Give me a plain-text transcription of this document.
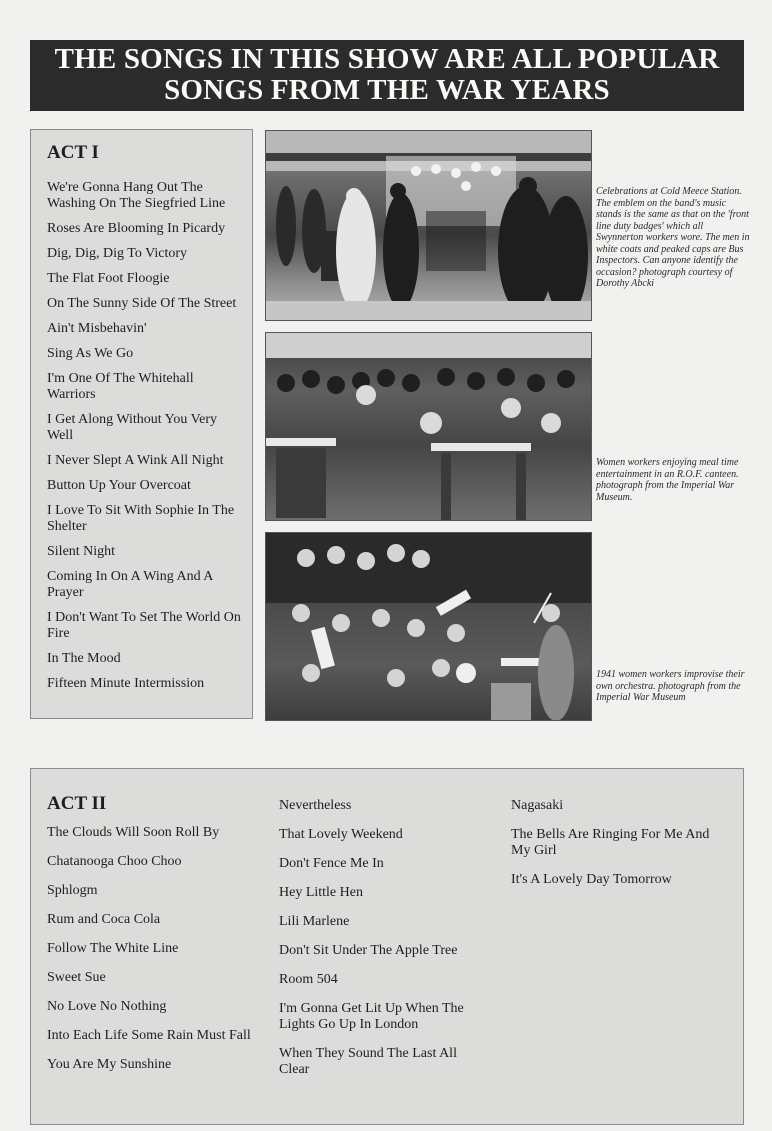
THE SONGS IN THIS SHOW ARE ALL POPULAR
SONGS FROM THE WAR YEARS
ACT I
We're Gonna Hang Out The Washing On The Siegfried Line
Roses Are Blooming In Picardy
Dig, Dig, Dig To Victory
The Flat Foot Floogie
On The Sunny Side Of The Street
Ain't Misbehavin'
Sing As We Go
I'm One Of The Whitehall Warriors
I Get Along Without You Very Well
I Never Slept A Wink All Night
Button Up Your Overcoat
I Love To Sit With Sophie In The Shelter
Silent Night
Coming In On A Wing And A Prayer
I Don't Want To Set The World On Fire
In The Mood
Fifteen Minute Intermission
Celebrations at Cold Meece Station. The emblem on the band's music stands is the same as that on the 'front line duty badges' which all Swynnerton workers wore. The men in white coats and peaked caps are Bus Inspectors. Can anyone identify the occasion? photograph courtesy of Dorothy Abcki
Women workers enjoying meal time entertainment in an R.O.F. canteen. photograph from the Imperial War Museum.
1941 women workers improvise their own orchestra. photograph from the Imperial War Museum
ACT II
The Clouds Will Soon Roll By
Chatanooga Choo Choo
Sphlogm
Rum and Coca Cola
Follow The White Line
Sweet Sue
No Love No Nothing
Into Each Life Some Rain Must Fall
You Are My Sunshine
Nevertheless
That Lovely Weekend
Don't Fence Me In
Hey Little Hen
Lili Marlene
Don't Sit Under The Apple Tree
Room 504
I'm Gonna Get Lit Up When The Lights Go Up In London
When They Sound The Last All Clear
Nagasaki
The Bells Are Ringing For Me And My Girl
It's A Lovely Day Tomorrow
